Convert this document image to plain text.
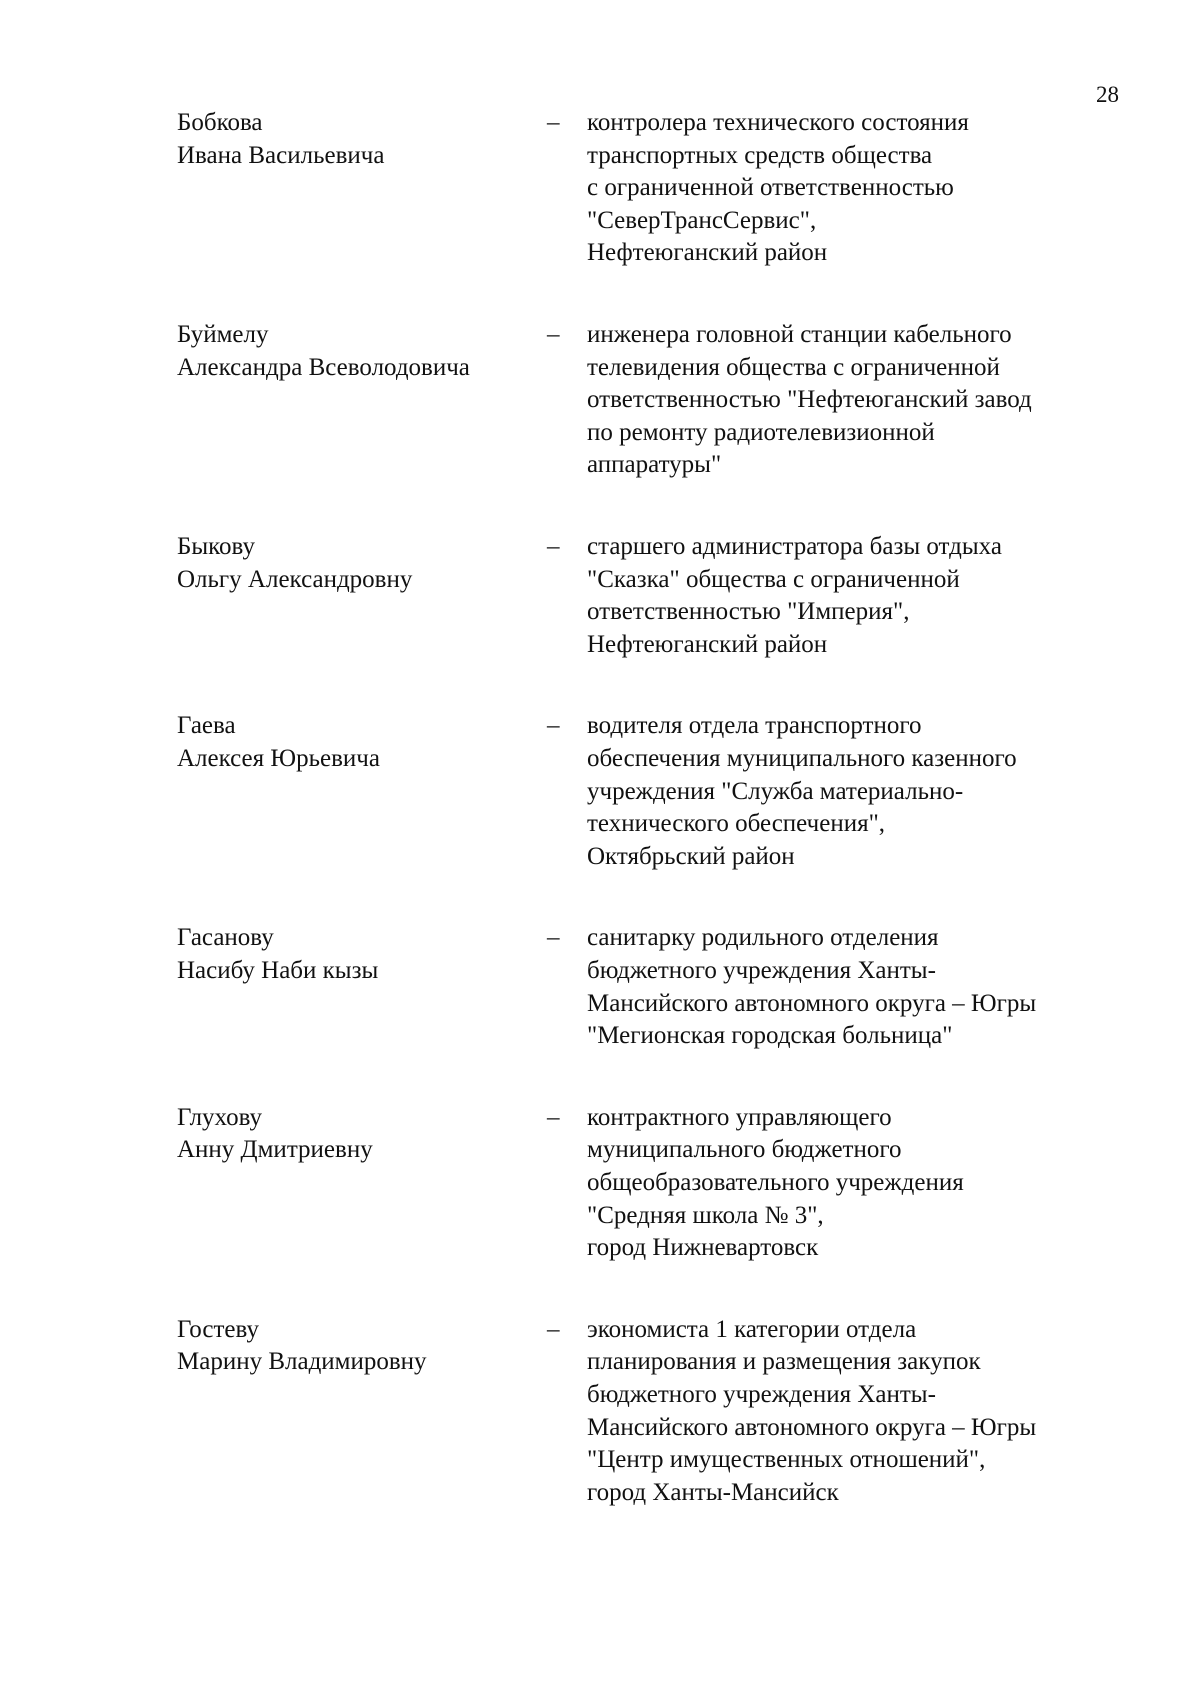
28
Бобкова
Ивана Васильевича
– контролера технического состояния
транспортных средств общества
с ограниченной ответственностью
"СеверТрансСервис",
Нефтеюганский район
Буймелу
Александра Всеволодовича
– инженера головной станции кабельного
телевидения общества с ограниченной
ответственностью "Нефтеюганский завод
по ремонту радиотелевизионной
аппаратуры"
Быкову
Ольгу Александровну
– старшего администратора базы отдыха
"Сказка" общества с ограниченной
ответственностью "Империя",
Нефтеюганский район
Гаева
Алексея Юрьевича
– водителя отдела транспортного
обеспечения муниципального казенного
учреждения "Служба материально-
технического обеспечения",
Октябрьский район
Гасанову
Насибу Наби кызы
– санитарку родильного отделения
бюджетного учреждения Ханты-
Мансийского автономного округа – Югры
"Мегионская городская больница"
Глухову
Анну Дмитриевну
– контрактного управляющего
муниципального бюджетного
общеобразовательного учреждения
"Средняя школа № 3",
город Нижневартовск
Гостеву
Марину Владимировну
– экономиста 1 категории отдела
планирования и размещения закупок
бюджетного учреждения Ханты-
Мансийского автономного округа – Югры
"Центр имущественных отношений",
город Ханты-Мансийск
